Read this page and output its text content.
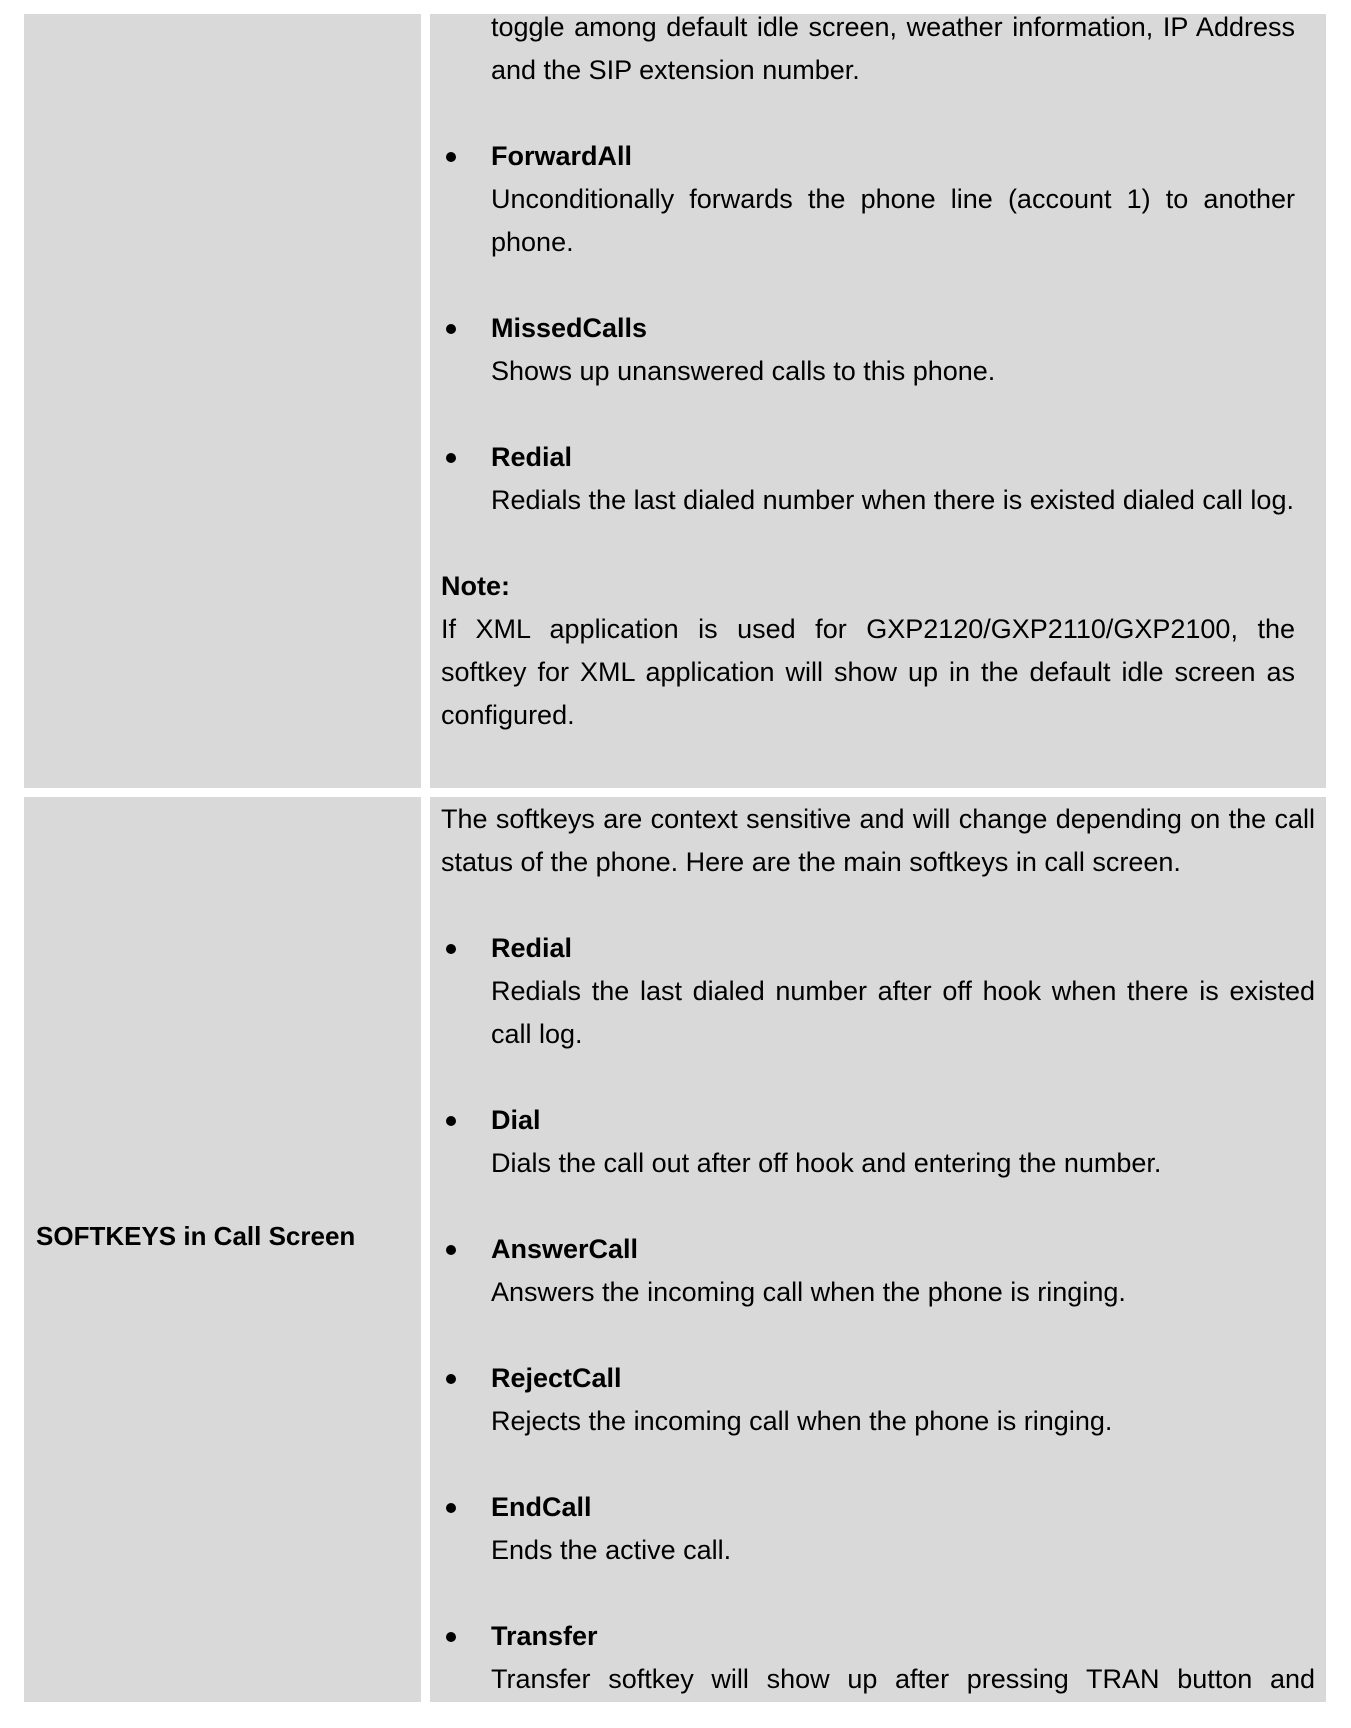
toggle among default idle screen, weather information, IP Address and the SIP extension number.

ForwardAll
Unconditionally forwards the phone line (account 1) to another phone.
MissedCalls
Shows up unanswered calls to this phone.
Redial
Redials the last dialed number when there is existed dialed call log.
Note:

If XML application is used for GXP2120/GXP2110/GXP2100, the softkey for XML application will show up in the default idle screen as configured.

SOFTKEYS in Call Screen

The softkeys are context sensitive and will change depending on the call status of the phone. Here are the main softkeys in call screen.

Redial
Redials the last dialed number after off hook when there is existed call log.
Dial
Dials the call out after off hook and entering the number.
AnswerCall
Answers the incoming call when the phone is ringing.
RejectCall
Rejects the incoming call when the phone is ringing.
EndCall
Ends the active call.
Transfer
Transfer softkey will show up after pressing TRAN button and
